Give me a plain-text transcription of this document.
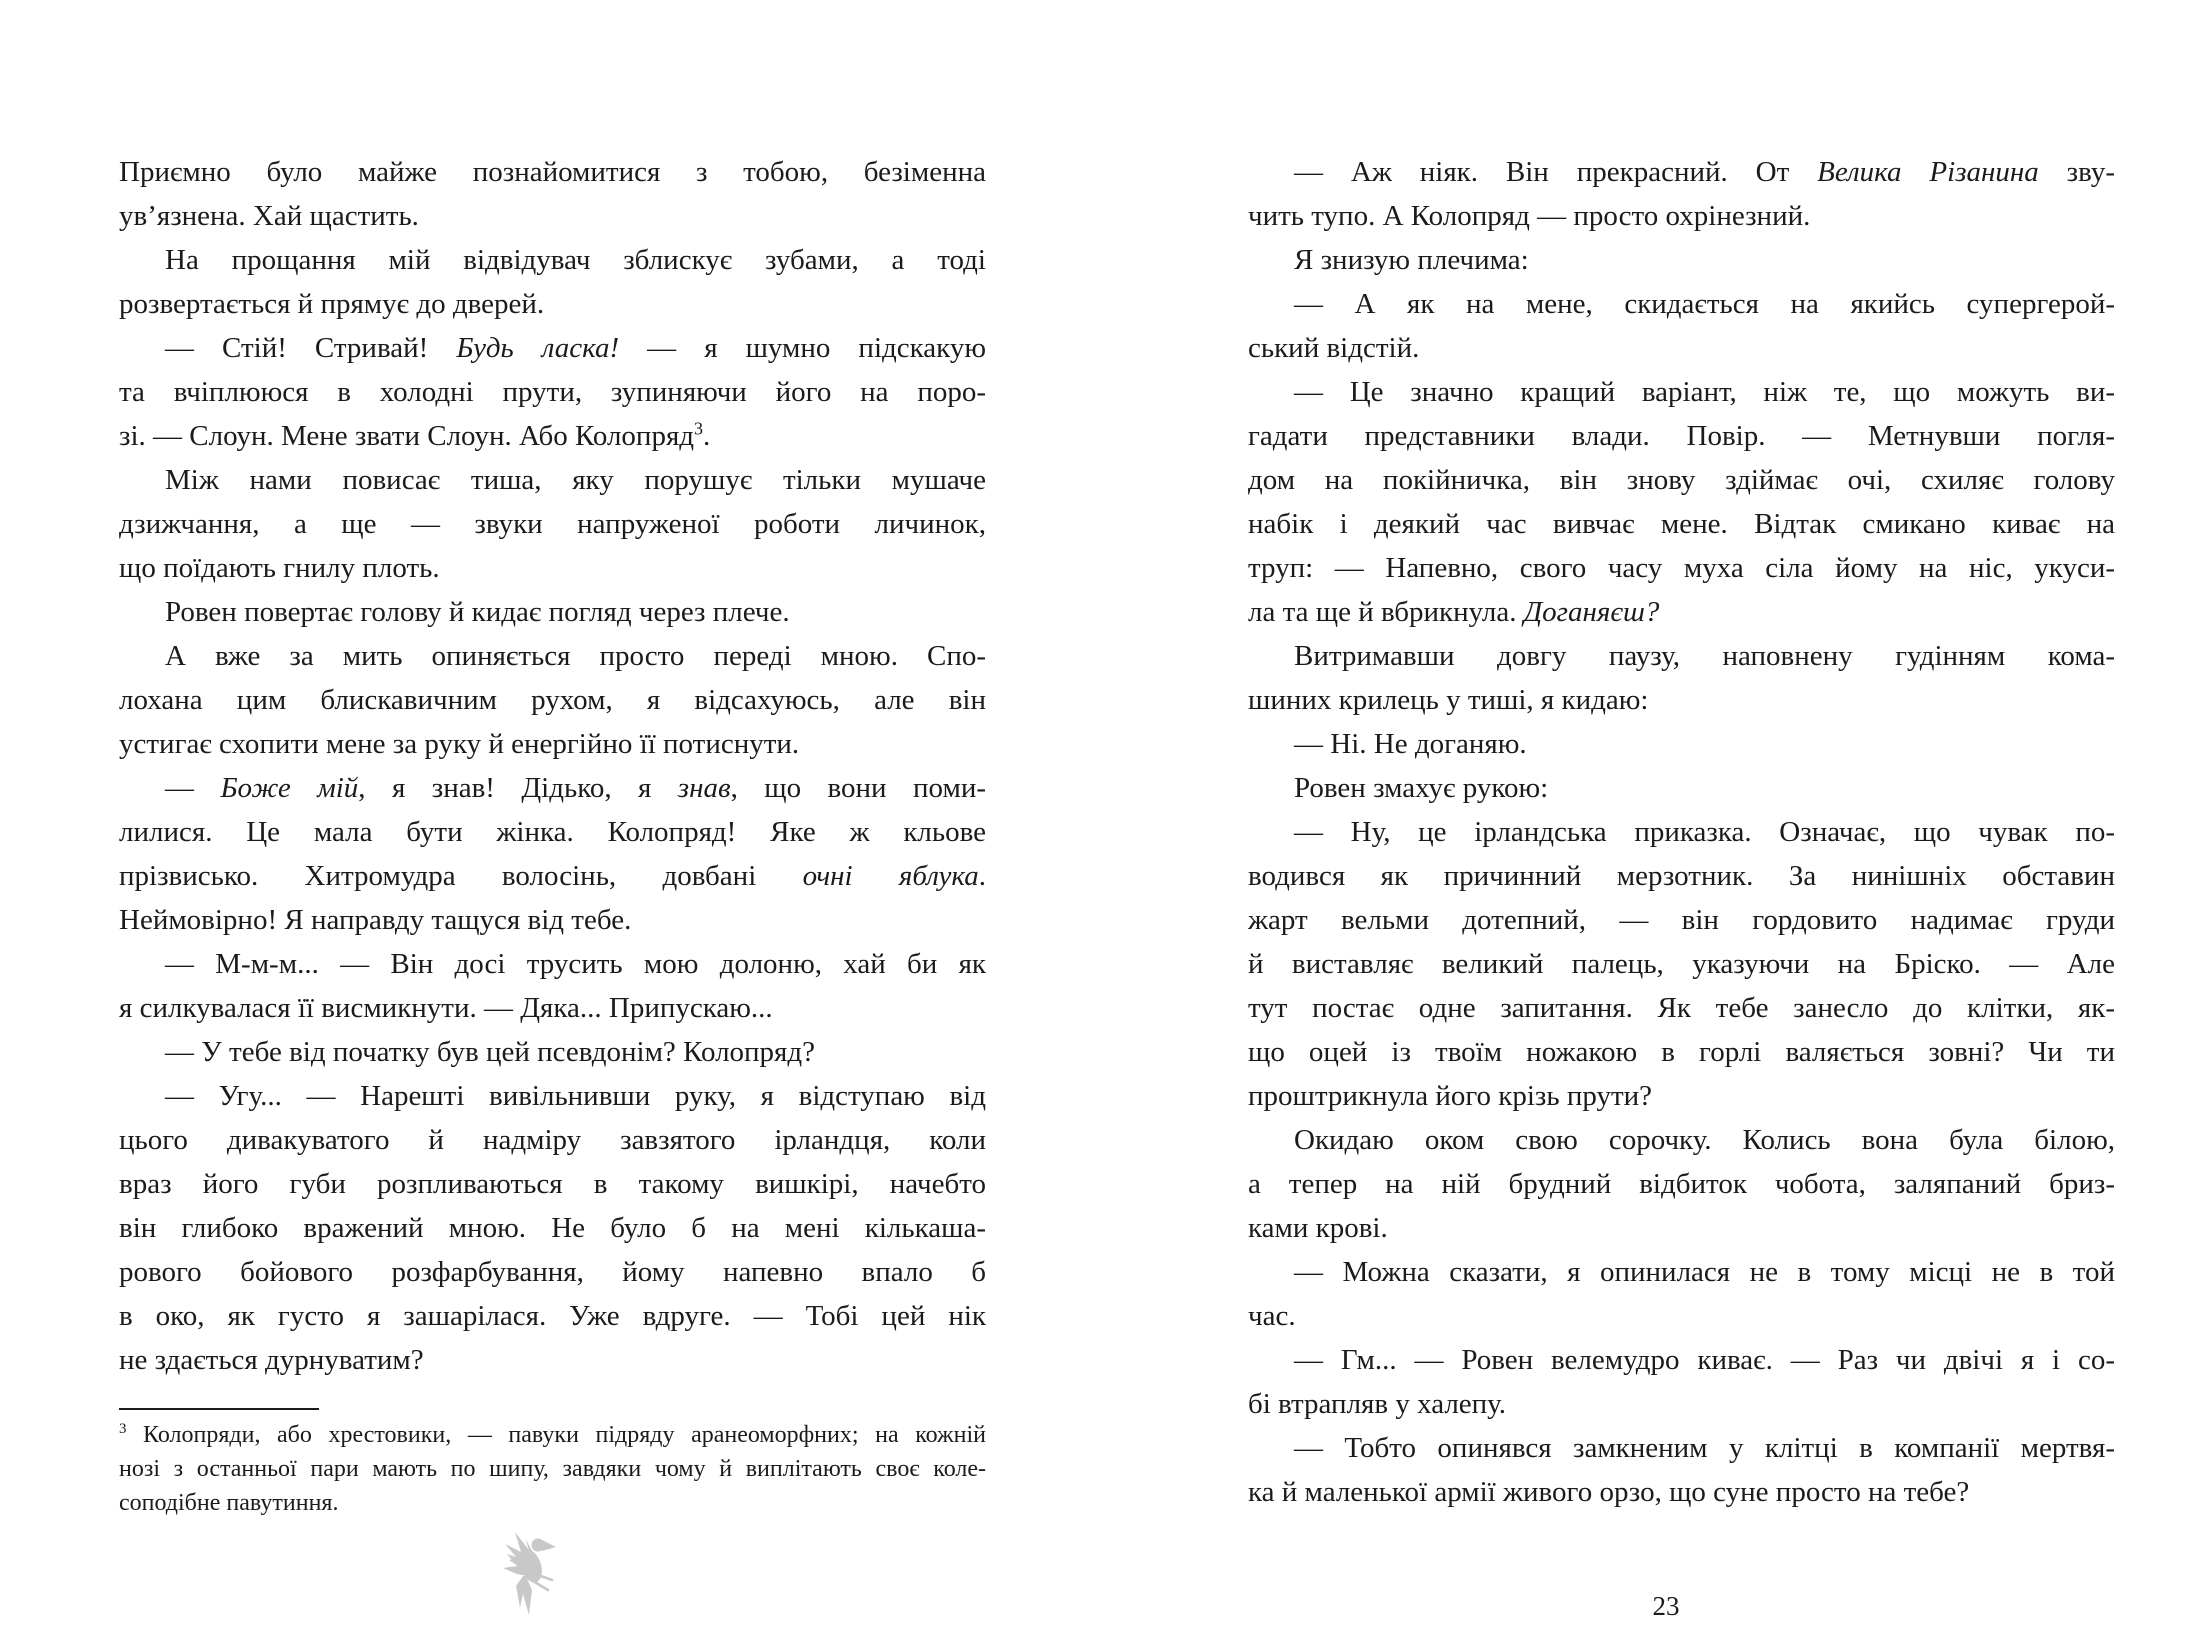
Приємно було майже познайомитися з тобою, безіменна
ув’язнена. Хай щастить.
На прощання мій відвідувач зблискує зубами, а тоді
розвертається й прямує до дверей.
— Стій! Стривай! Будь ласка! — я шумно підскакую
та вчіплююся в холодні прути, зупиняючи його на поро-
зі. — Слоун. Мене звати Слоун. Або Колопряд$^3$.
Між нами повисає тиша, яку порушує тільки мушаче
дзижчання, а ще — звуки напруженої роботи личинок,
що поїдають гнилу плоть.
Ровен повертає голову й кидає погляд через плече.
А вже за мить опиняється просто переді мною. Спо-
лохана цим блискавичним рухом, я відсахуюсь, але він
устигає схопити мене за руку й енергійно її потиснути.
— Боже мій, я знав! Дідько, я знав, що вони поми-
лилися. Це мала бути жінка. Колопряд! Яке ж кльове
прізвисько. Хитромудра волосінь, довбані очні яблука.
Неймовірно! Я направду тащуся від тебе.
— М-м-м... — Він досі трусить мою долоню, хай би як
я силкувалася її висмикнути. — Дяка... Припускаю...
— У тебе від початку був цей псевдонім? Колопряд?
— Угу... — Нарешті вивільнивши руку, я відступаю від
цього дивакуватого й надміру завзятого ірландця, коли
враз його губи розпливаються в такому вишкірі, начебто
він глибоко вражений мною. Не було б на мені кількаша-
рового бойового розфарбування, йому напевно впало б
в око, як густо я зашарілася. Уже вдруге. — Тобі цей нік
не здається дурнуватим?
$^3$ Колопряди, або хрестовики, — павуки підряду аранеоморфних; на кожній
нозі з останньої пари мають по шипу, завдяки чому й виплітають своє коле-
соподібне павутиння.
— Аж ніяк. Він прекрасний. От Велика Різанина зву-
чить тупо. А Колопряд — просто охрінезний.
Я знизую плечима:
— А як на мене, скидається на якийсь супергерой-
ський відстій.
— Це значно кращий варіант, ніж те, що можуть ви-
гадати представники влади. Повір. — Метнувши погля-
дом на покійничка, він знову здіймає очі, схиляє голову
набік і деякий час вивчає мене. Відтак смикано киває на
труп: — Напевно, свого часу муха сіла йому на ніс, укуси-
ла та ще й вбрикнула. Доганяєш?
Витримавши довгу паузу, наповнену гудінням кома-
шиних крилець у тиші, я кидаю:
— Ні. Не доганяю.
Ровен змахує рукою:
— Ну, це ірландська приказка. Означає, що чувак по-
водився як причинний мерзотник. За нинішніх обставин
жарт вельми дотепний, — він гордовито надимає груди
й виставляє великий палець, указуючи на Бріско. — Але
тут постає одне запитання. Як тебе занесло до клітки, як-
що оцей із твоїм ножакою в горлі валяється зовні? Чи ти
проштрикнула його крізь прути?
Окидаю оком свою сорочку. Колись вона була білою,
а тепер на ній брудний відбиток чобота, заляпаний бриз-
ками крові.
— Можна сказати, я опинилася не в тому місці не в той
час.
— Гм... — Ровен велемудро киває. — Раз чи двічі я і со-
бі втрапляв у халепу.
— Тобто опинявся замкненим у клітці в компанії мертвя-
ка й маленької армії живого орзо, що суне просто на тебе?
23
